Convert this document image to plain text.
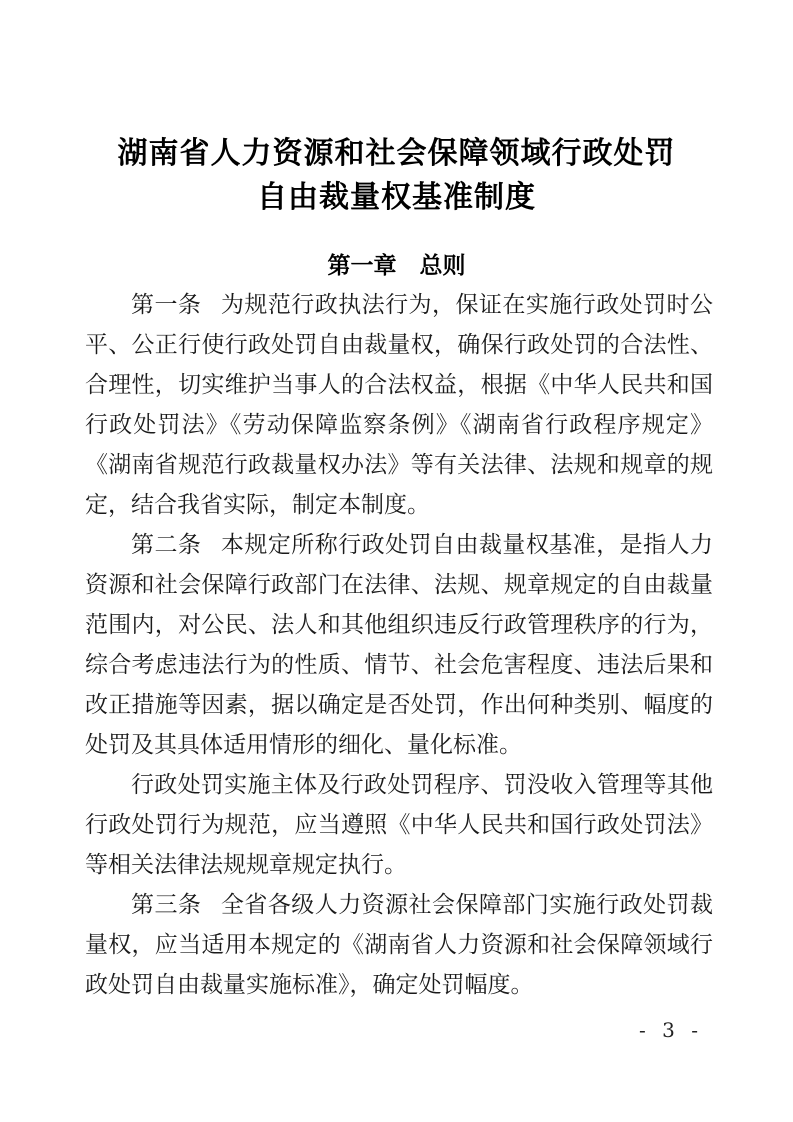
湖南省人力资源和社会保障领域行政处罚
自由裁量权基准制度
第一章　总则

第一条 为规范行政执法行为，保证在实施行政处罚时公平、公正行使行政处罚自由裁量权，确保行政处罚的合法性、合理性，切实维护当事人的合法权益，根据《中华人民共和国行政处罚法》《劳动保障监察条例》《湖南省行政程序规定》《湖南省规范行政裁量权办法》等有关法律、法规和规章的规定，结合我省实际，制定本制度。

第二条 本规定所称行政处罚自由裁量权基准，是指人力资源和社会保障行政部门在法律、法规、规章规定的自由裁量范围内，对公民、法人和其他组织违反行政管理秩序的行为，综合考虑违法行为的性质、情节、社会危害程度、违法后果和改正措施等因素，据以确定是否处罚，作出何种类别、幅度的处罚及其具体适用情形的细化、量化标准。

行政处罚实施主体及行政处罚程序、罚没收入管理等其他行政处罚行为规范，应当遵照《中华人民共和国行政处罚法》等相关法律法规规章规定执行。

第三条 全省各级人力资源社会保障部门实施行政处罚裁量权，应当适用本规定的《湖南省人力资源和社会保障领域行政处罚自由裁量实施标准》，确定处罚幅度。

- 3 -
